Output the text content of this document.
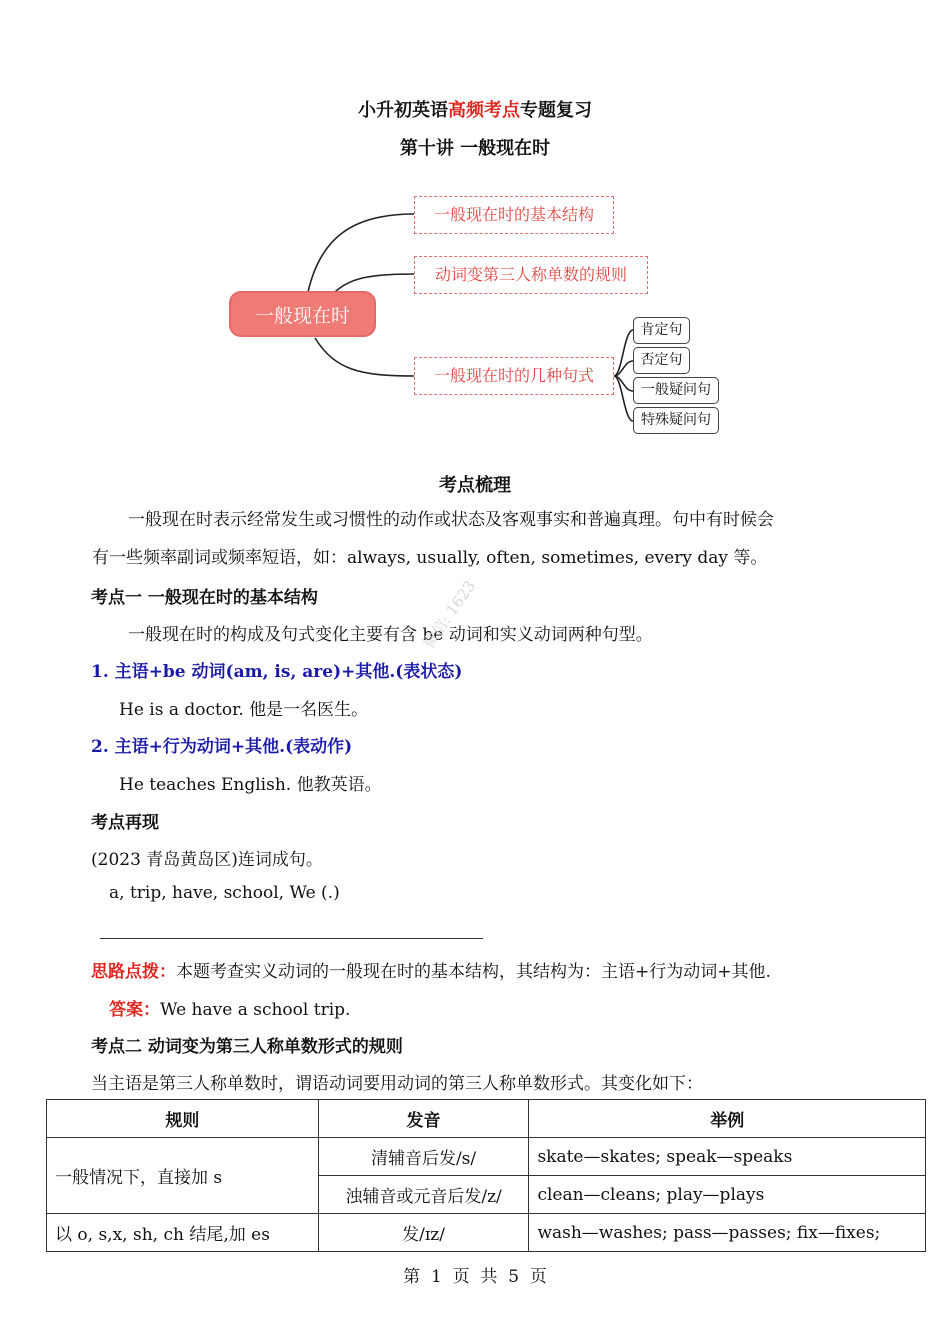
小升初英语高频考点专题复习
第十讲 一般现在时
一般现在时
一般现在时的基本结构
动词变第三人称单数的规则
一般现在时的几种句式
肯定句
否定句
一般疑问句
特殊疑问句
考点梳理
一般现在时表示经常发生或习惯性的动作或状态及客观事实和普遍真理。句中有时候会
有一些频率副词或频率短语，如：always, usually, often, sometimes, every day 等。
考点一 一般现在时的基本结构
一般现在时的构成及句式变化主要有含 be 动词和实义动词两种句型。
1. 主语+be 动词(am, is, are)+其他.(表状态)
He is a doctor. 他是一名医生。
2. 主语+行为动词+其他.(表动作)
He teaches English. 他教英语。
微信: 1623
考点再现
(2023 青岛黄岛区)连词成句。
a, trip, have, school, We (.)
思路点拨：本题考查实义动词的一般现在时的基本结构，其结构为：主语+行为动词+其他.
答案：We have a school trip.
考点二 动词变为第三人称单数形式的规则
当主语是第三人称单数时，谓语动词要用动词的第三人称单数形式。其变化如下：
规则	发音	举例
一般情况下，直接加 s	清辅音后发/s/	skate—skates; speak—speaks
	浊辅音或元音后发/z/	clean—cleans; play—plays
以 o, s,x, sh, ch 结尾,加 es	发/ɪz/	wash—washes; pass—passes; fix—fixes;
第  1  页  共  5  页
